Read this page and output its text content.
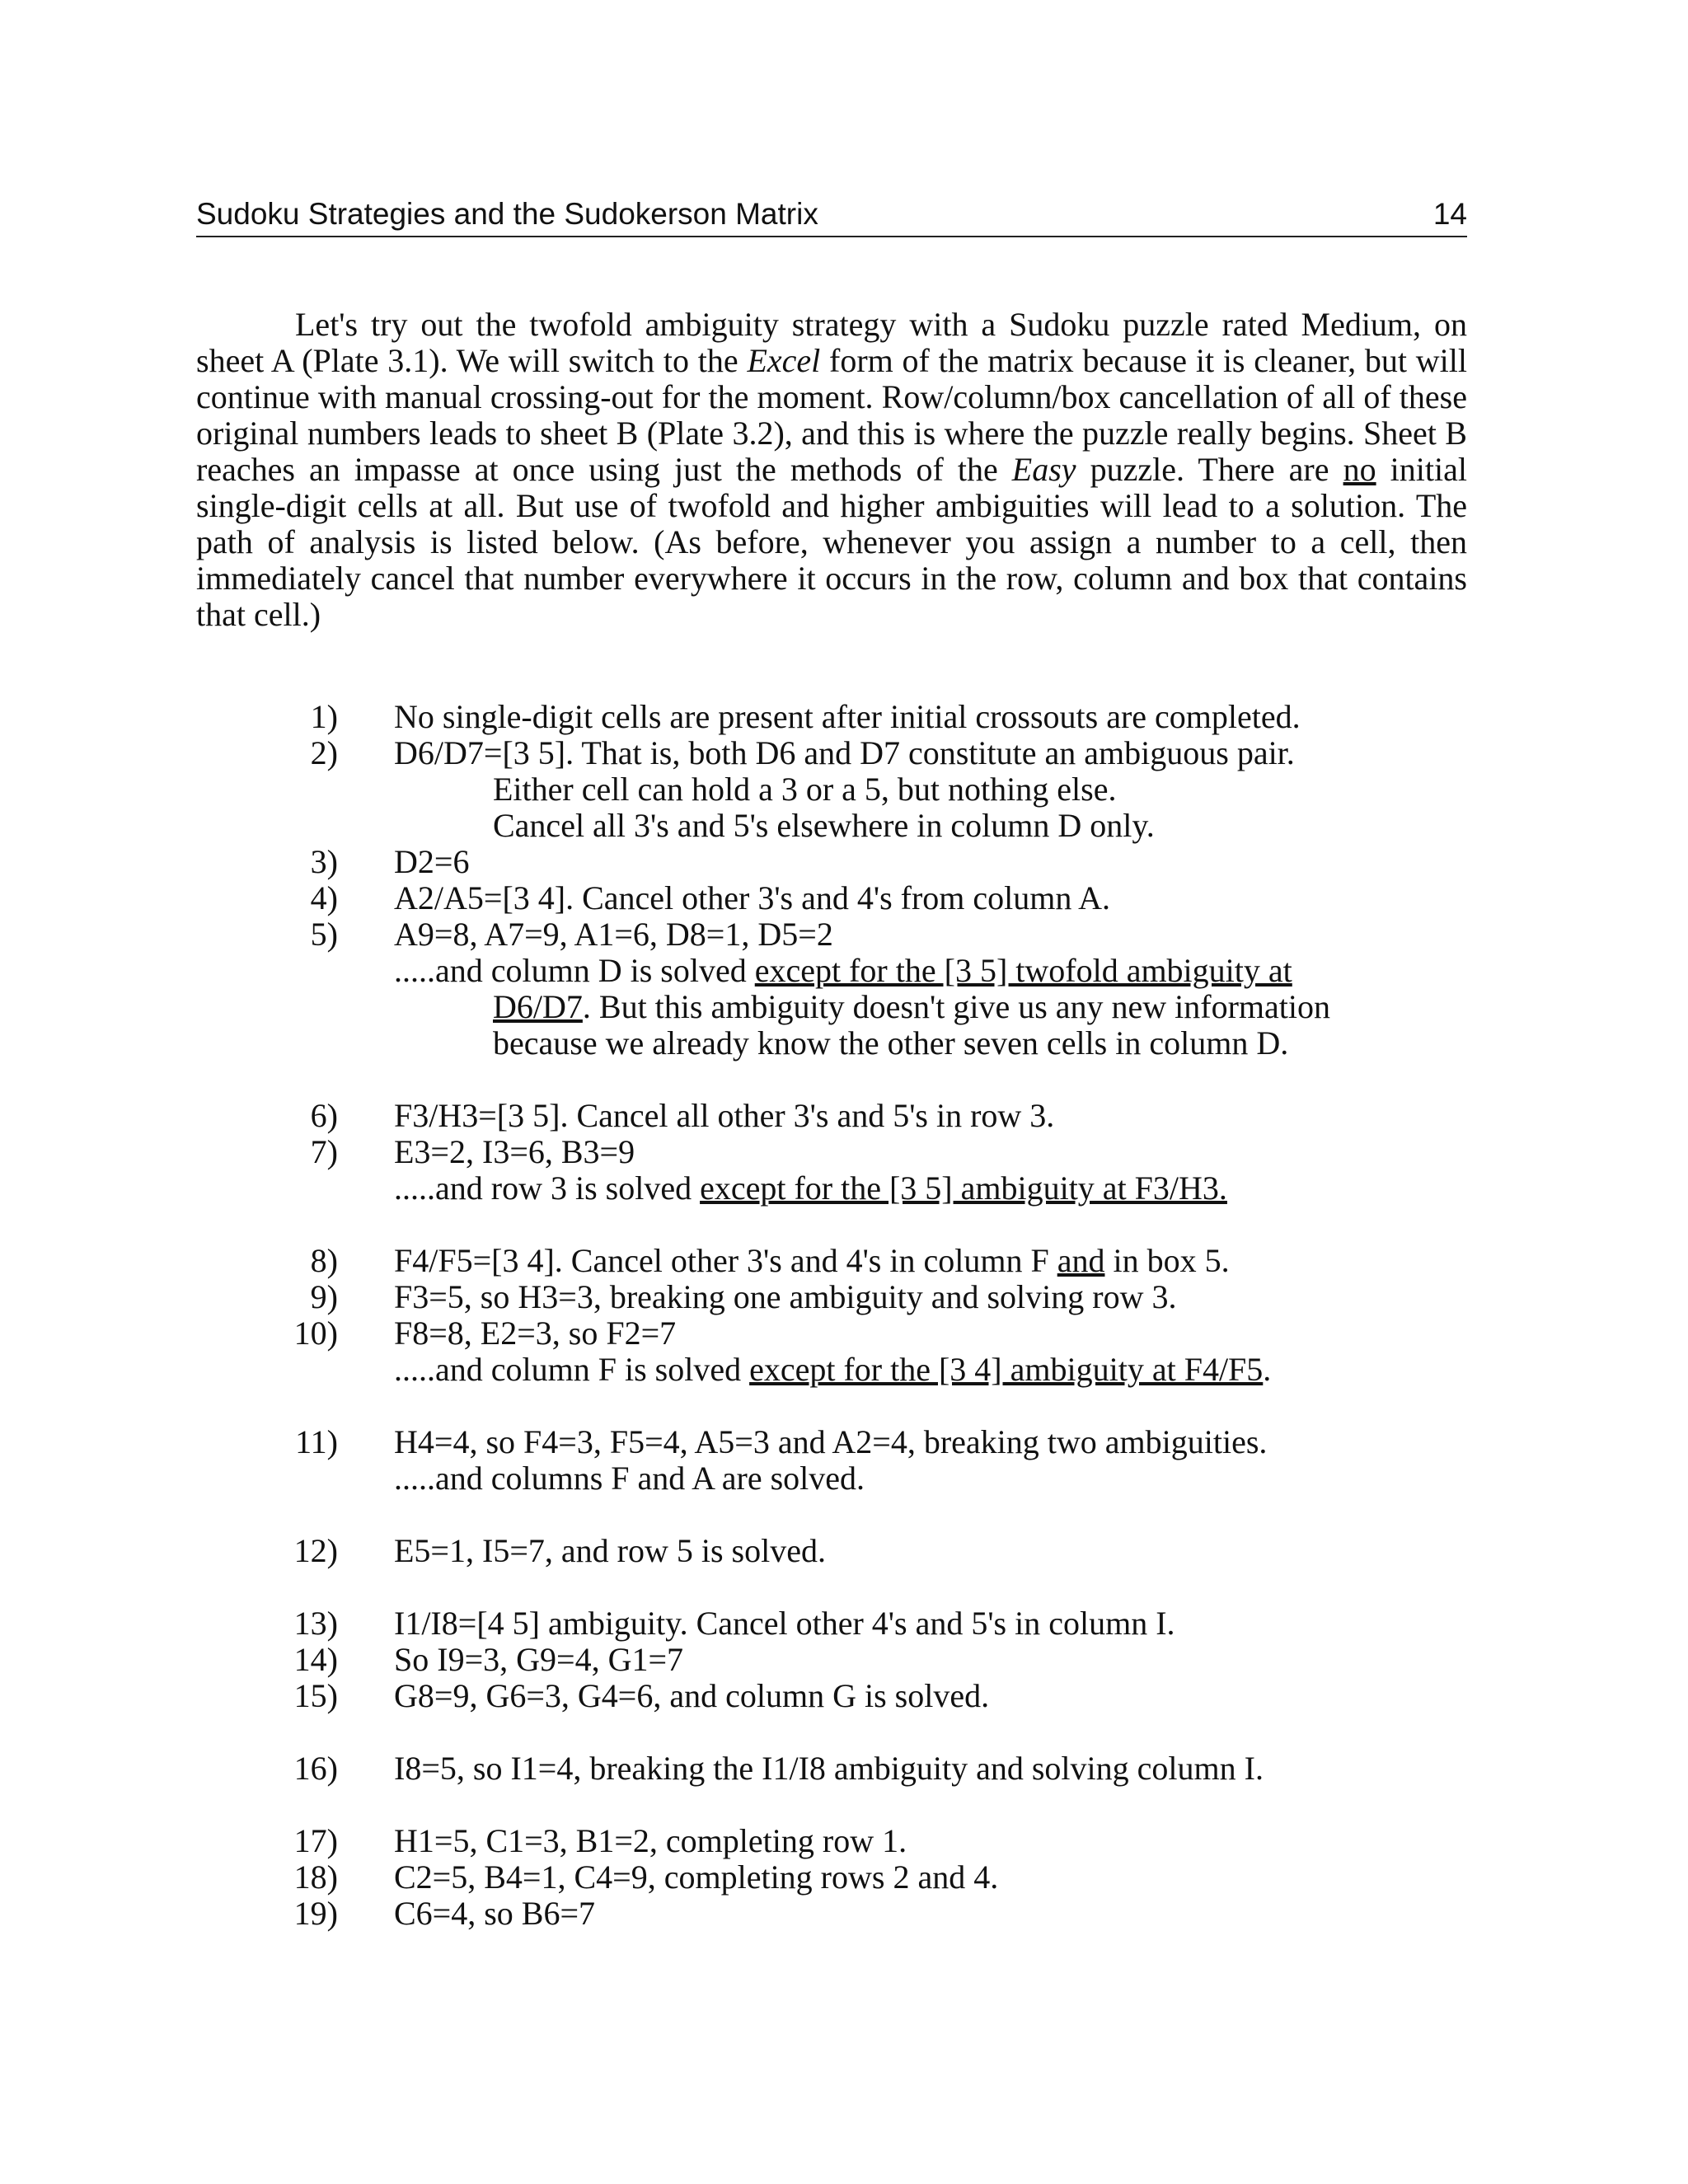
Sudoku Strategies and the Sudokerson Matrix	14

Let's try out the twofold ambiguity strategy with a Sudoku puzzle rated Medium, on sheet A (Plate 3.1). We will switch to the Excel form of the matrix because it is cleaner, but will continue with manual crossing-out for the moment. Row/column/box cancellation of all of these original numbers leads to sheet B (Plate 3.2), and this is where the puzzle really begins. Sheet B reaches an impasse at once using just the methods of the Easy puzzle. There are no initial single-digit cells at all. But use of twofold and higher ambiguities will lead to a solution. The path of analysis is listed below. (As before, whenever you assign a number to a cell, then immediately cancel that number everywhere it occurs in the row, column and box that contains that cell.)

1) No single-digit cells are present after initial crossouts are completed.
2) D6/D7=[3 5]. That is, both D6 and D7 constitute an ambiguous pair.
Either cell can hold a 3 or a 5, but nothing else.
Cancel all 3's and 5's elsewhere in column D only.
3) D2=6
4) A2/A5=[3 4]. Cancel other 3's and 4's from column A.
5) A9=8, A7=9, A1=6, D8=1, D5=2
.....and column D is solved except for the [3 5] twofold ambiguity at
D6/D7. But this ambiguity doesn't give us any new information
because we already know the other seven cells in column D.
6) F3/H3=[3 5]. Cancel all other 3's and 5's in row 3.
7) E3=2, I3=6, B3=9
.....and row 3 is solved except for the [3 5] ambiguity at F3/H3.
8) F4/F5=[3 4]. Cancel other 3's and 4's in column F and in box 5.
9) F3=5, so H3=3, breaking one ambiguity and solving row 3.
10) F8=8, E2=3, so F2=7
.....and column F is solved except for the [3 4] ambiguity at F4/F5.
11) H4=4, so F4=3, F5=4, A5=3 and A2=4, breaking two ambiguities.
.....and columns F and A are solved.
12) E5=1, I5=7, and row 5 is solved.
13) I1/I8=[4 5] ambiguity. Cancel other 4's and 5's in column I.
14) So I9=3, G9=4, G1=7
15) G8=9, G6=3, G4=6, and column G is solved.
16) I8=5, so I1=4, breaking the I1/I8 ambiguity and solving column I.
17) H1=5, C1=3, B1=2, completing row 1.
18) C2=5, B4=1, C4=9, completing rows 2 and 4.
19) C6=4, so B6=7
